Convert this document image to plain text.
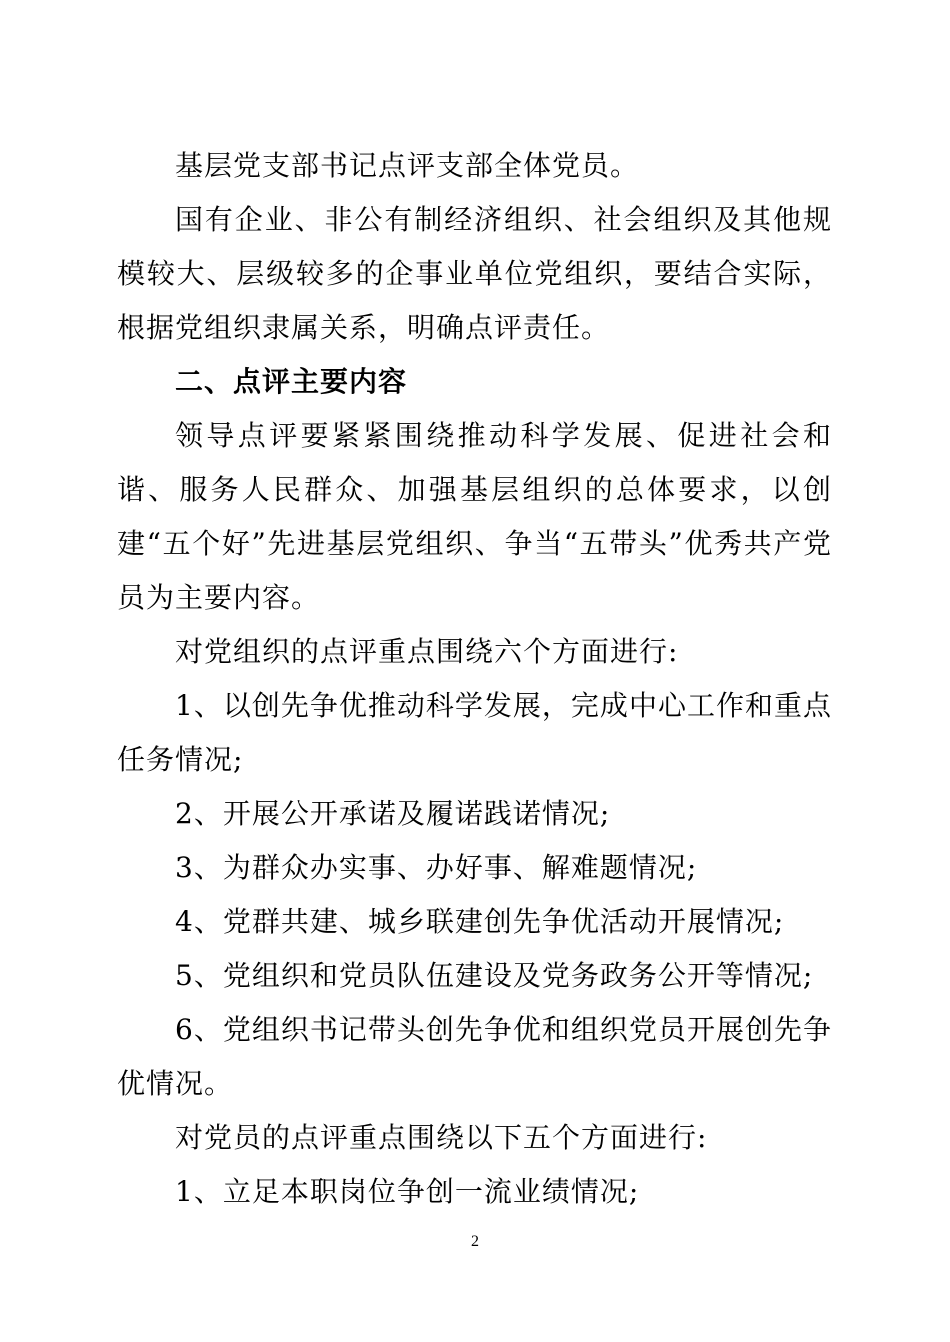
基层党支部书记点评支部全体党员。

国有企业、非公有制经济组织、社会组织及其他规模较大、层级较多的企事业单位党组织，要结合实际，根据党组织隶属关系，明确点评责任。

二、点评主要内容

领导点评要紧紧围绕推动科学发展、促进社会和谐、服务人民群众、加强基层组织的总体要求，以创建“五个好”先进基层党组织、争当“五带头”优秀共产党员为主要内容。

对党组织的点评重点围绕六个方面进行:

1、以创先争优推动科学发展，完成中心工作和重点任务情况;

2、开展公开承诺及履诺践诺情况;

3、为群众办实事、办好事、解难题情况;

4、党群共建、城乡联建创先争优活动开展情况;

5、党组织和党员队伍建设及党务政务公开等情况;

6、党组织书记带头创先争优和组织党员开展创先争优情况。

对党员的点评重点围绕以下五个方面进行:

1、立足本职岗位争创一流业绩情况;

2
